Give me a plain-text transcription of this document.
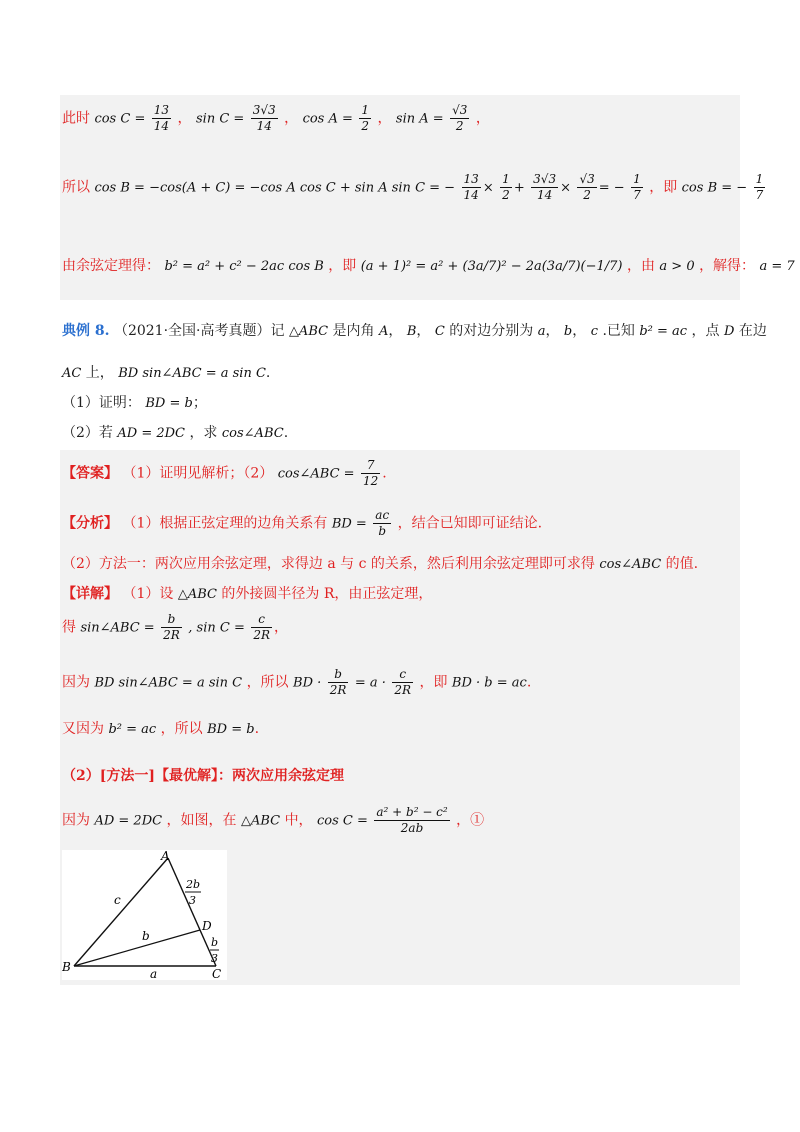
此时 $\cos C = \frac{13}{14}$ ， $\sin C = \frac{3√3}{14}$ ， $\cos A = \frac{1}{2}$ ， $\sin A = \frac{√3}{2}$ ，
所以 cos B = −cos(A + C) = −cos A cos C + sin A sin C = − $\frac{13}{14} \times \frac{1}{2} + \frac{3√3}{14} \times \frac{√3}{2}$ = − $\frac{1}{7}$ ，即 cos B = − $\frac{1}{7}$
由余弦定理得： b² = a² + c² − 2ac cos B ，即 (a + 1)² = a² + (3a/7)² − 2a(3a/7)(−1/7) ，由 a > 0 ，解得： a = 7
典例 8. （2021·全国·高考真题）记 △ABC 是内角 A， B， C 的对边分别为 a， b， c .已知 b² = ac ，点 D 在边
AC 上， BD sin∠ABC = a sin C.
（1）证明： BD = b；
（2）若 AD = 2DC ，求 cos∠ABC.
【答案】 （1）证明见解析；（2） cos∠ABC = $\frac{7}{12}$ .
【分析】 （1）根据正弦定理的边角关系有 BD = $\frac{ac}{b}$ ，结合已知即可证结论.
（2）方法一：两次应用余弦定理，求得边 a 与 c 的关系，然后利用余弦定理即可求得 cos∠ABC 的值.
【详解】 （1）设 △ABC 的外接圆半径为 R，由正弦定理，
得 sin∠ABC = $\frac{b}{2R}$ , $\sin C = \frac{c}{2R}$ ，
因为 BD sin∠ABC = a sin C ，所以 BD · $\frac{b}{2R} = a \cdot \frac{c}{2R}$ ，即 BD · b = ac.
又因为 b² = ac ，所以 BD = b.
（2）[方法一]【最优解】：两次应用余弦定理
因为 AD = 2DC ，如图，在 △ABC 中， $\cos C = \frac{\text{a² + b² − c²}}{2ab}$ ，①
A
B	C
D
c
b
a
2b
3
b
3
